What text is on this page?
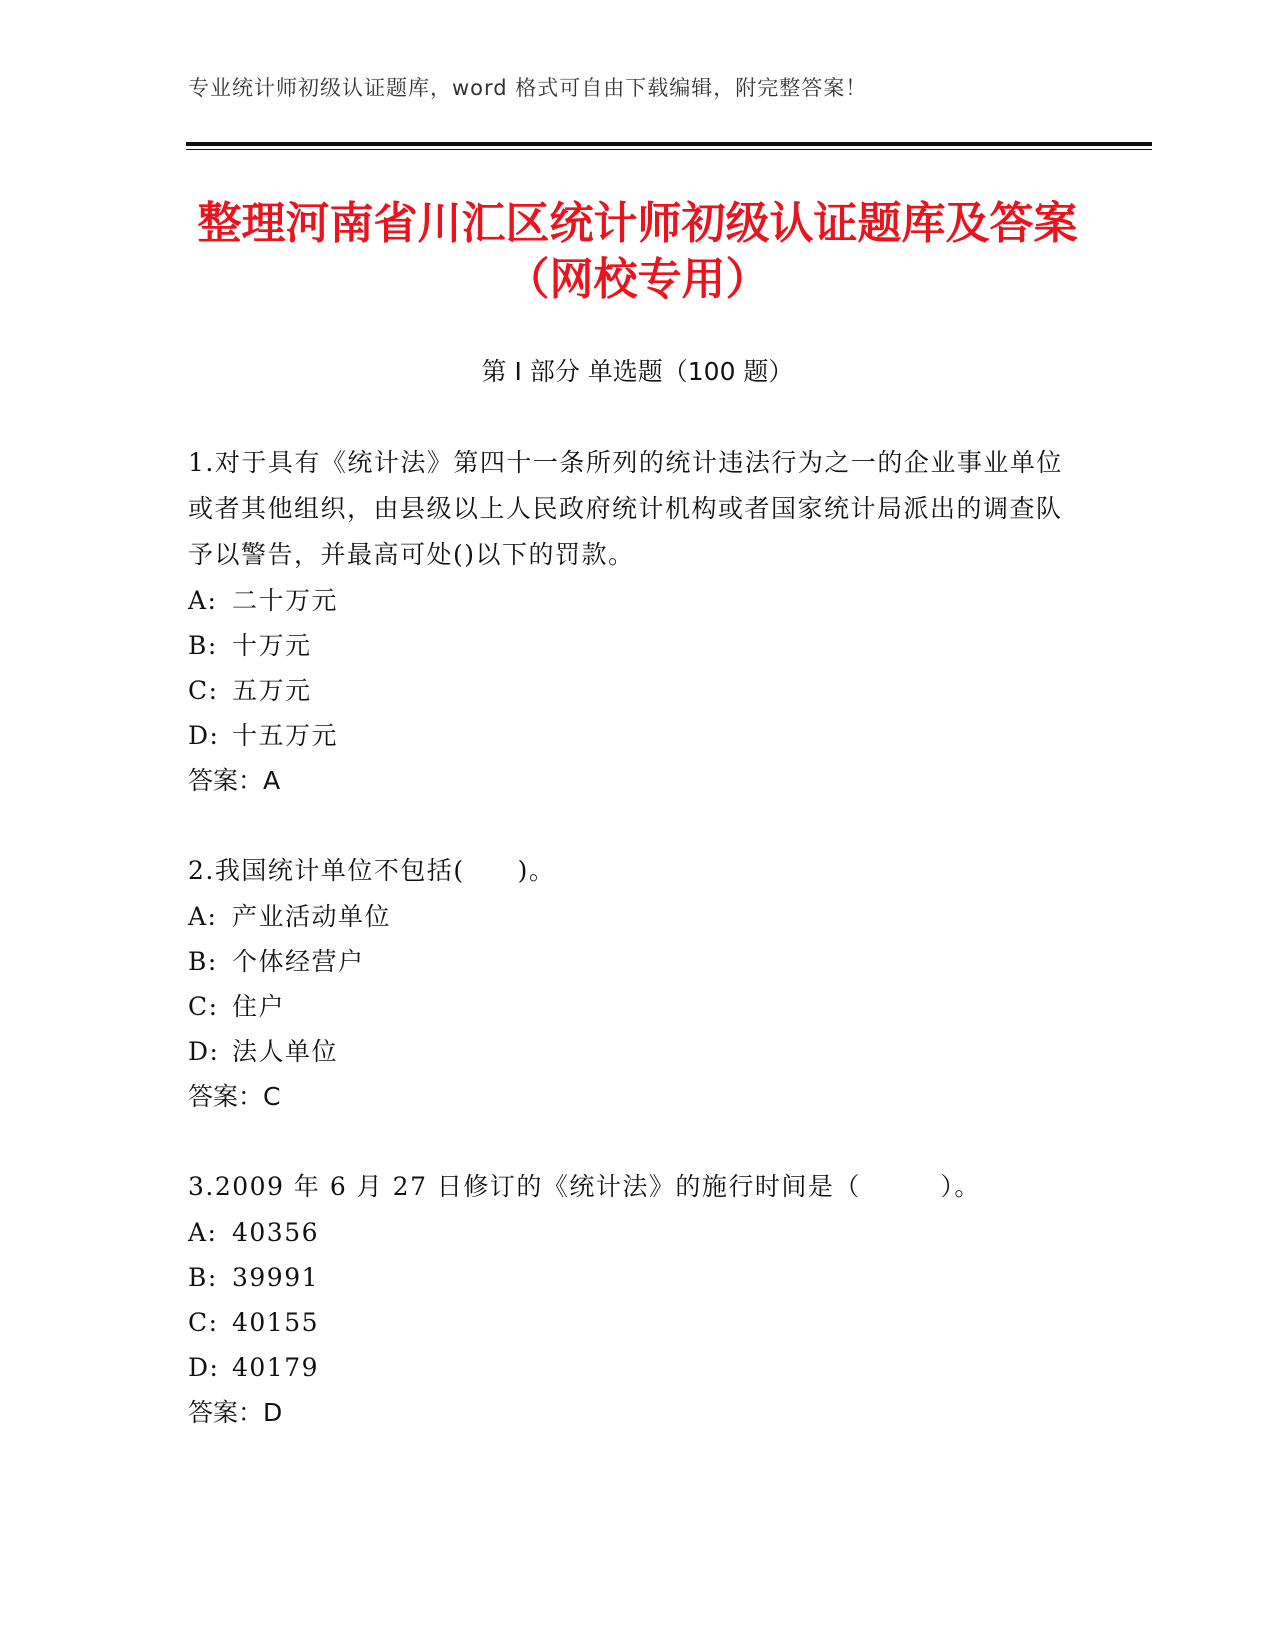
专业统计师初级认证题库，word 格式可自由下载编辑，附完整答案！
整理河南省川汇区统计师初级认证题库及答案（网校专用）
第 I 部分 单选题（100 题）

1.对于具有《统计法》第四十一条所列的统计违法行为之一的企业事业单位或者其他组织，由县级以上人民政府统计机构或者国家统计局派出的调查队予以警告，并最高可处()以下的罚款。

A: 二十万元

B: 十万元

C: 五万元

D: 十五万元

答案：A

2.我国统计单位不包括(　　)。

A: 产业活动单位

B: 个体经营户

C: 住户

D: 法人单位

答案：C

3.2009 年 6 月 27 日修订的《统计法》的施行时间是（　　　）。

A: 40356

B: 39991

C: 40155

D: 40179

答案：D
